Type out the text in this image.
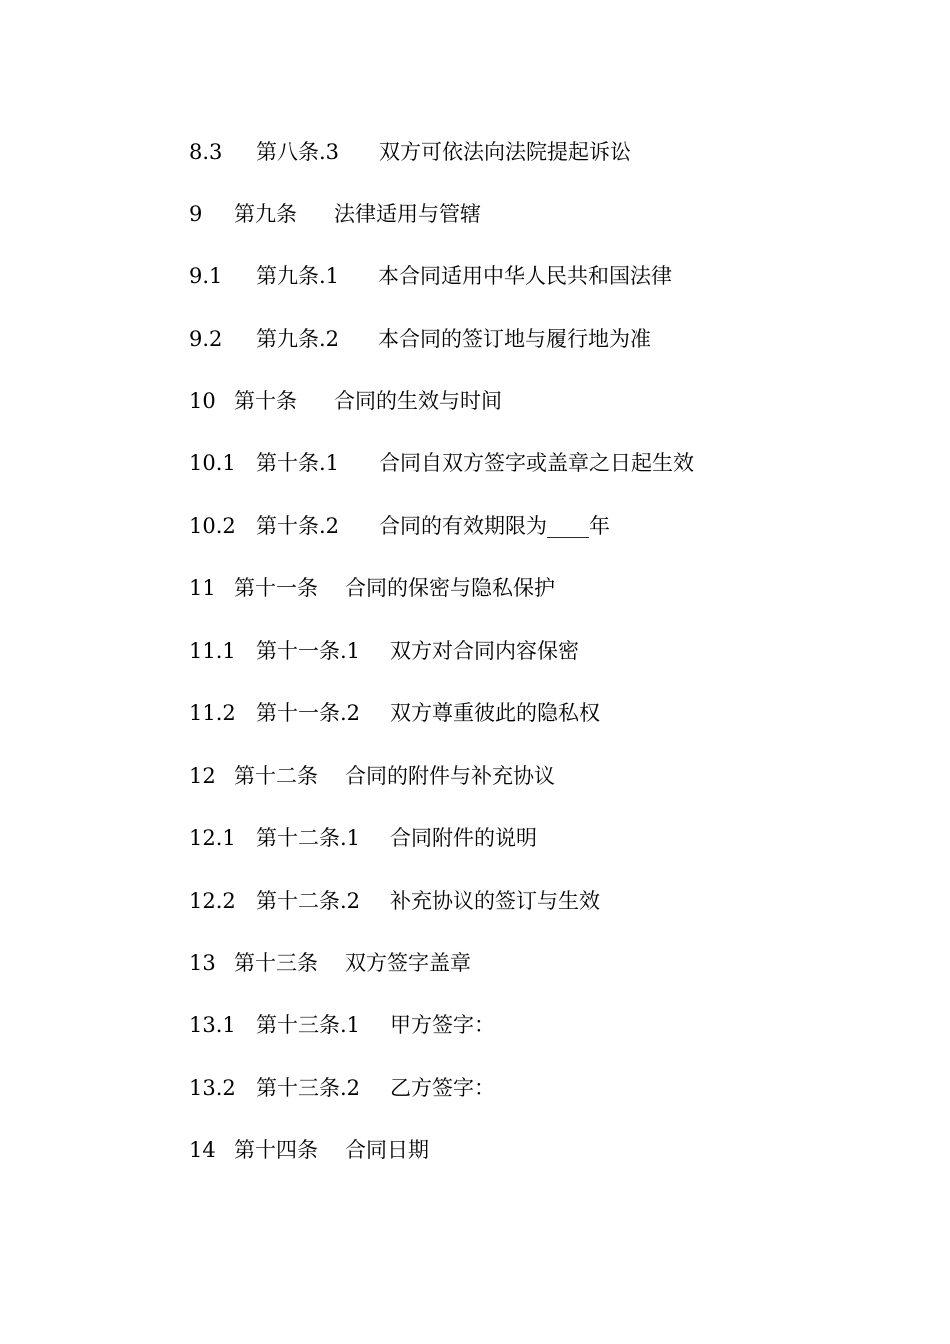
8.3 第八条.3 双方可依法向法院提起诉讼
9 第九条 法律适用与管辖
9.1 第九条.1 本合同适用中华人民共和国法律
9.2 第九条.2 本合同的签订地与履行地为准
10 第十条 合同的生效与时间
10.1 第十条.1 合同自双方签字或盖章之日起生效
10.2 第十条.2 合同的有效期限为____年
11 第十一条 合同的保密与隐私保护
11.1 第十一条.1 双方对合同内容保密
11.2 第十一条.2 双方尊重彼此的隐私权
12 第十二条 合同的附件与补充协议
12.1 第十二条.1 合同附件的说明
12.2 第十二条.2 补充协议的签订与生效
13 第十三条 双方签字盖章
13.1 第十三条.1 甲方签字：
13.2 第十三条.2 乙方签字：
14 第十四条 合同日期
